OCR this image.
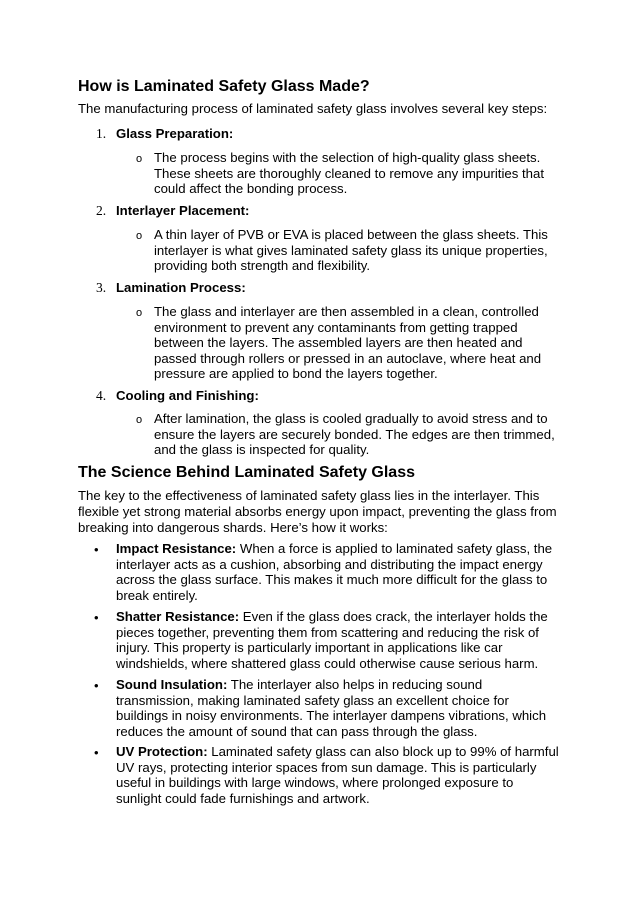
How is Laminated Safety Glass Made?

The manufacturing process of laminated safety glass involves several key steps:

1. Glass Preparation:
o The process begins with the selection of high-quality glass sheets. These sheets are thoroughly cleaned to remove any impurities that could affect the bonding process.

2. Interlayer Placement:
o A thin layer of PVB or EVA is placed between the glass sheets. This interlayer is what gives laminated safety glass its unique properties, providing both strength and flexibility.

3. Lamination Process:
o The glass and interlayer are then assembled in a clean, controlled environment to prevent any contaminants from getting trapped between the layers. The assembled layers are then heated and passed through rollers or pressed in an autoclave, where heat and pressure are applied to bond the layers together.

4. Cooling and Finishing:
o After lamination, the glass is cooled gradually to avoid stress and to ensure the layers are securely bonded. The edges are then trimmed, and the glass is inspected for quality.

The Science Behind Laminated Safety Glass

The key to the effectiveness of laminated safety glass lies in the interlayer. This flexible yet strong material absorbs energy upon impact, preventing the glass from breaking into dangerous shards. Here’s how it works:

• Impact Resistance: When a force is applied to laminated safety glass, the interlayer acts as a cushion, absorbing and distributing the impact energy across the glass surface. This makes it much more difficult for the glass to break entirely.

• Shatter Resistance: Even if the glass does crack, the interlayer holds the pieces together, preventing them from scattering and reducing the risk of injury. This property is particularly important in applications like car windshields, where shattered glass could otherwise cause serious harm.

• Sound Insulation: The interlayer also helps in reducing sound transmission, making laminated safety glass an excellent choice for buildings in noisy environments. The interlayer dampens vibrations, which reduces the amount of sound that can pass through the glass.

• UV Protection: Laminated safety glass can also block up to 99% of harmful UV rays, protecting interior spaces from sun damage. This is particularly useful in buildings with large windows, where prolonged exposure to sunlight could fade furnishings and artwork.
